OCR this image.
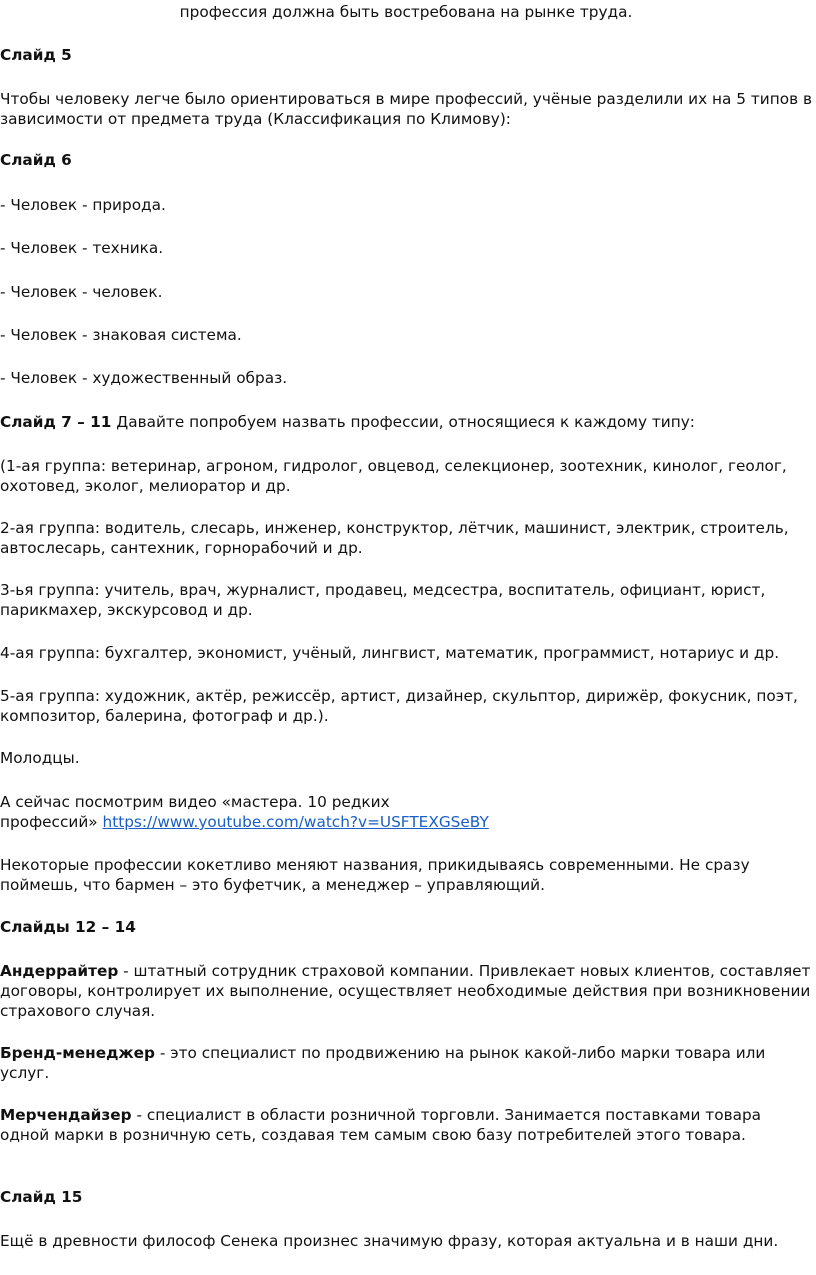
профессия должна быть востребована на рынке труда.

Слайд 5

Чтобы человеку легче было ориентироваться в мире профессий, учёные разделили их на 5 типов в зависимости от предмета труда (Классификация по Климову):

Слайд 6

- Человек - природа.

- Человек - техника.

- Человек - человек.

- Человек - знаковая система.

- Человек - художественный образ.

Слайд 7 – 11 Давайте попробуем назвать профессии, относящиеся к каждому типу:

(1-ая группа: ветеринар, агроном, гидролог, овцевод, селекционер, зоотехник, кинолог, геолог, охотовед, эколог, мелиоратор и др.

2-ая группа: водитель, слесарь, инженер, конструктор, лётчик, машинист, электрик, строитель, автослесарь, сантехник, горнорабочий и др.

3-ья группа: учитель, врач, журналист, продавец, медсестра, воспитатель, официант, юрист, парикмахер, экскурсовод и др.

4-ая группа: бухгалтер, экономист, учёный, лингвист, математик, программист, нотариус и др.

5-ая группа: художник, актёр, режиссёр, артист, дизайнер, скульптор, дирижёр, фокусник, поэт, композитор, балерина, фотограф и др.).

Молодцы.

А сейчас посмотрим видео «мастера. 10 редких
профессий» https://www.youtube.com/watch?v=USFTEXGSeBY

Некоторые профессии кокетливо меняют названия, прикидываясь современными. Не сразу поймешь, что бармен – это буфетчик, а менеджер – управляющий.

Слайды 12 – 14

Андеррайтер - штатный сотрудник страховой компании. Привлекает новых клиентов, составляет договоры, контролирует их выполнение, осуществляет необходимые действия при возникновении страхового случая.

Бренд-менеджер - это специалист по продвижению на рынок какой-либо марки товара или услуг.

Мерчендайзер - специалист в области розничной торговли. Занимается поставками товара одной марки в розничную сеть, создавая тем самым свою базу потребителей этого товара.

Слайд 15

Ещё в древности философ Сенека произнес значимую фразу, которая актуальна и в наши дни.
